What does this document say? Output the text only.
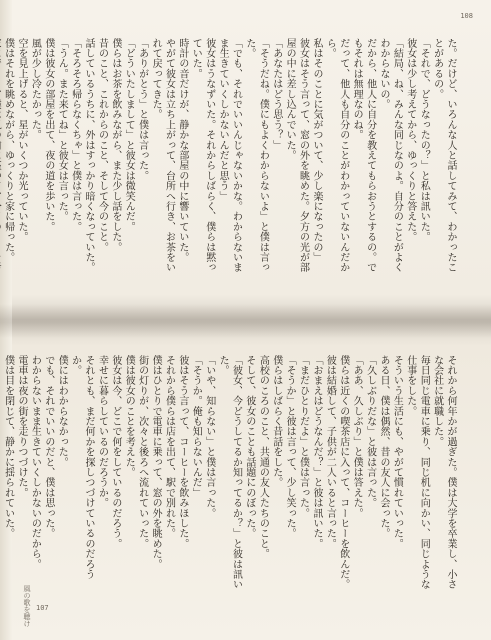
108

た。だけど、いろんな人と話してみて、わかったことがあるの。

「それで、どうなったの？」と私は訊いた。

彼女は少し考えてから、ゆっくりと答えた。

「結局、ね、みんな同じなのよ。自分のことがよくわからないの。

だから、他人に自分を教えてもらおうとするの。でもそれは無理なのね。

だって、他人も自分のことがわかっていないんだから。

私はそのことに気がついて、少し楽になったの」

彼女はそう言って、窓の外を眺めた。夕方の光が部屋の中に差し込んでいた。

「あなたはどう思う？」

「そうだね。僕にもよくわからないよ」と僕は言った。

「でも、それでいいんじゃないかな。わからないまま生きていくしかないんだと思う」

彼女はうなずいた。それからしばらく、僕らは黙っていた。

時計の音だけが、静かな部屋の中に響いていた。

やがて彼女は立ち上がって、台所へ行き、お茶をいれて戻ってきた。

「ありがとう」と僕は言った。

「どういたしまして」と彼女は微笑んだ。

僕らはお茶を飲みながら、また少し話をした。

昔のこと、これからのこと、そして今のこと。

話しているうちに、外はすっかり暗くなっていた。

「そろそろ帰らなくちゃ」と僕は言った。

「うん。また来てね」と彼女は言った。

僕は彼女の部屋を出て、夜の道を歩いた。

風が少し冷たかった。

空を見上げると、星がいくつか光っていた。

僕はそれを眺めながら、ゆっくりと家に帰った。

それから何年かが過ぎた。僕は大学を卒業し、小さな会社に就職した。

毎日同じ電車に乗り、同じ机に向かい、同じような仕事をした。

そういう生活にも、やがて慣れていった。

ある日、僕は偶然、昔の友人に会った。

「久しぶりだな」と彼は言った。

「ああ、久しぶり」と僕は答えた。

僕らは近くの喫茶店に入って、コーヒーを飲んだ。

彼は結婚して、子供が二人いると言った。

「おまえはどうなんだ？」と彼は訊いた。

「まだひとりだよ」と僕は言った。

「そうか」と彼は言って、少し笑った。

僕らはしばらく昔話をした。

高校のころのこと、共通の友人たちのこと。

そして、彼女のことも話題にのぼった。

「彼女、今どうしてるか知ってるか？」と彼は訊いた。

「いや、知らない」と僕は言った。

「そうか。俺も知らないんだ」

彼はそう言って、コーヒーを飲みほした。

それから僕らは店を出て、駅で別れた。

僕はひとりで電車に乗って、窓の外を眺めた。

街の灯りが、次々と後ろへ流れていった。

僕は彼女のことを考えた。

彼女は今、どこで何をしているのだろう。

幸せに暮らしているのだろうか。

それとも、まだ何かを探しつづけているのだろうか。

僕にはわからなかった。

でも、それでいいのだと、僕は思った。

わからないまま生きていくしかないのだから。

電車は夜の街を走りつづけた。

僕は目を閉じて、静かに揺られていた。

107
風の歌を聴け
